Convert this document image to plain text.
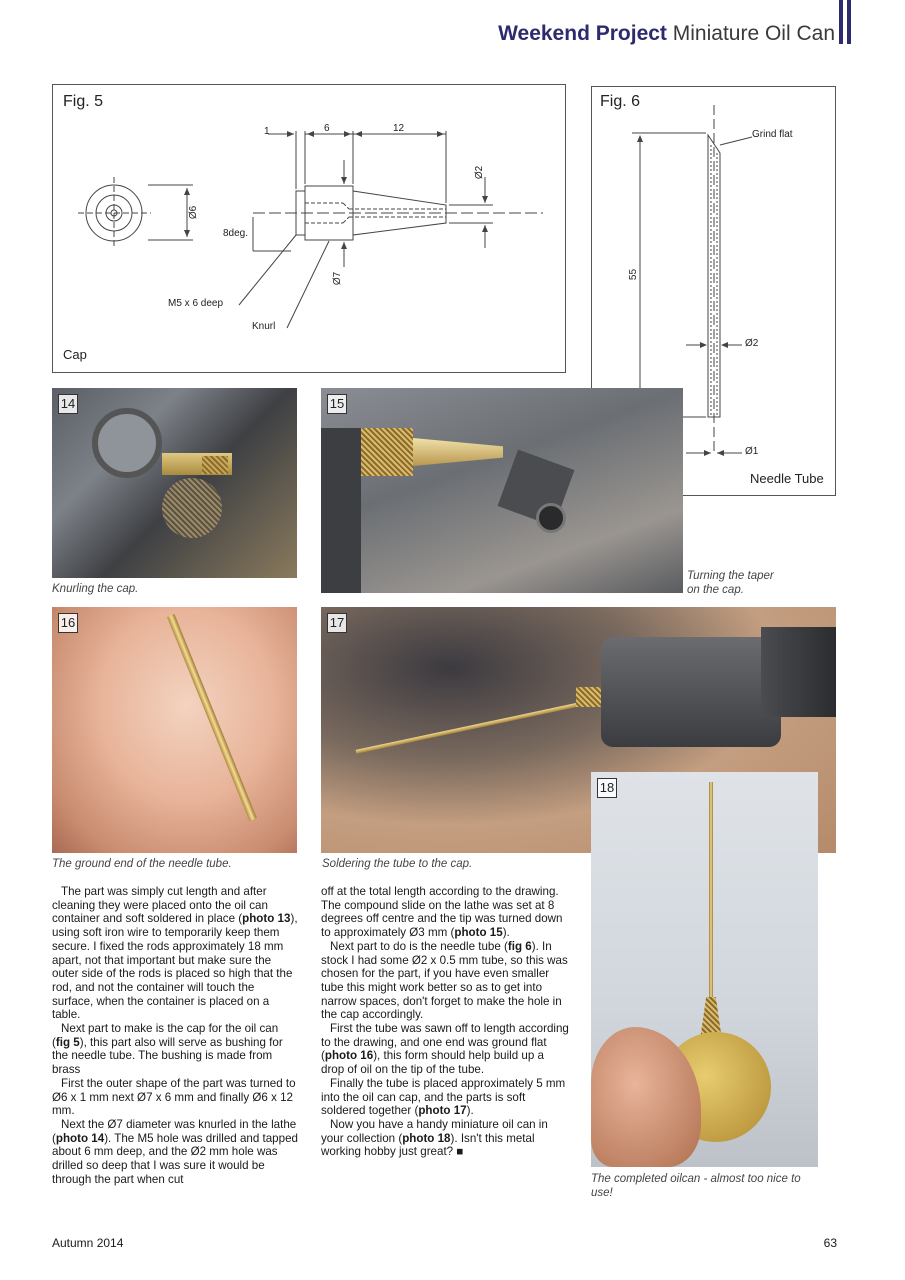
Weekend Project Miniature Oil Can
Fig. 5
1	6	12
Ø2
Ø6
Ø7
8deg.
M5 x 6 deep
Knurl
Cap
Fig. 6
Grind flat
55
Ø2
Ø1
Needle Tube
14
Knurling the cap.
15
Turning the taper on the cap.
16
The ground end of the needle tube.
17
Soldering the tube to the cap.
18
The completed oilcan - almost too nice to use!

The part was simply cut length and after cleaning they were placed onto the oil can container and soft soldered in place (photo 13), using soft iron wire to temporarily keep them secure. I fixed the rods approximately 18 mm apart, not that important but make sure the outer side of the rods is placed so high that the rod, and not the container will touch the surface, when the container is placed on a table.

Next part to make is the cap for the oil can (fig 5), this part also will serve as bushing for the needle tube. The bushing is made from brass

First the outer shape of the part was turned to Ø6 x 1 mm next Ø7 x 6 mm and finally Ø6 x 12 mm.

Next the Ø7 diameter was knurled in the lathe (photo 14). The M5 hole was drilled and tapped about 6 mm deep, and the Ø2 mm hole was drilled so deep that I was sure it would be through the part when cut

off at the total length according to the drawing. The compound slide on the lathe was set at 8 degrees off centre and the tip was turned down to approximately Ø3 mm (photo 15).

Next part to do is the needle tube (fig 6). In stock I had some Ø2 x 0.5 mm tube, so this was chosen for the part, if you have even smaller tube this might work better so as to get into narrow spaces, don't forget to make the hole in the cap accordingly.

First the tube was sawn off to length according to the drawing, and one end was ground flat (photo 16), this form should help build up a drop of oil on the tip of the tube.

Finally the tube is placed approximately 5 mm into the oil can cap, and the parts is soft soldered together (photo 17).

Now you have a handy miniature oil can in your collection (photo 18). Isn't this metal working hobby just great? ■

Autumn 2014	63
